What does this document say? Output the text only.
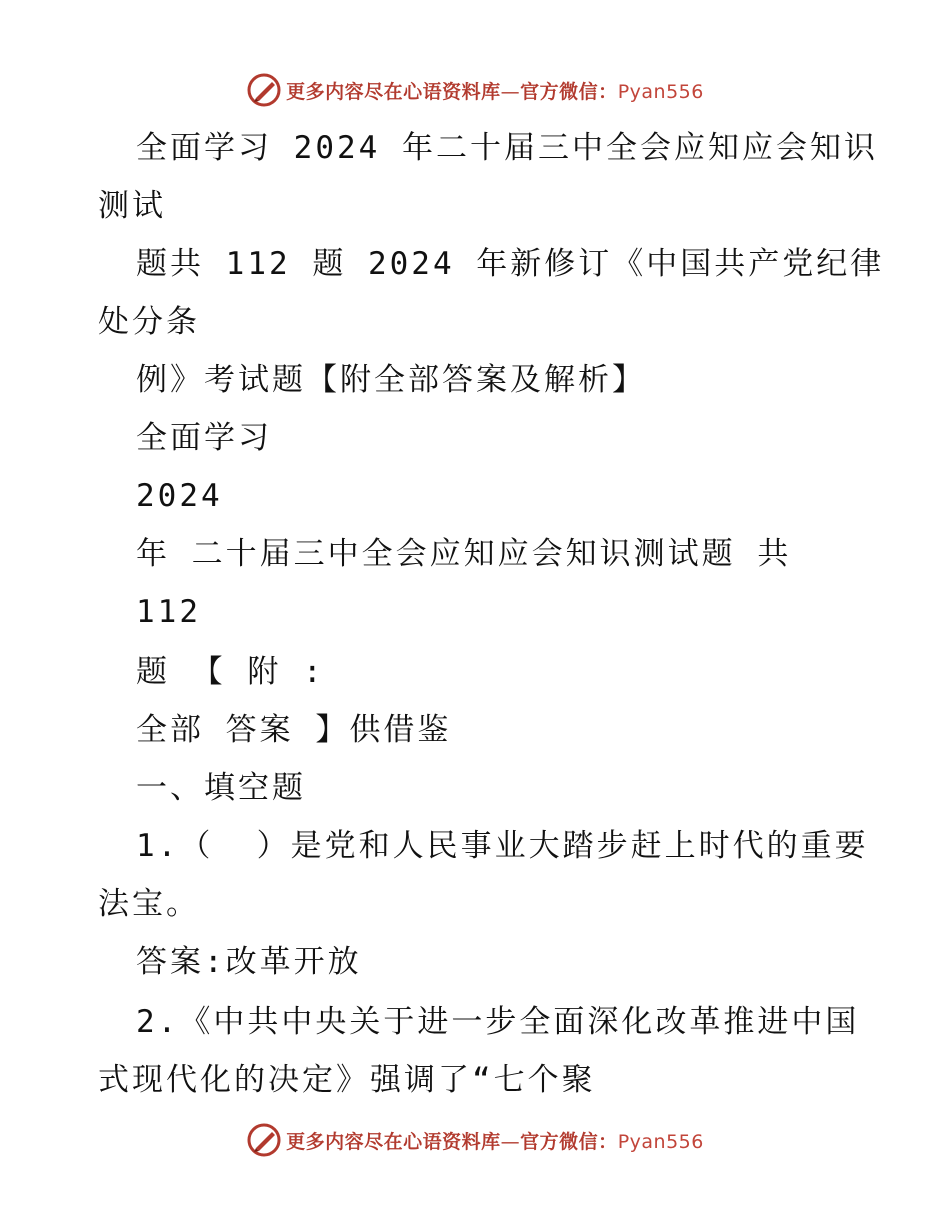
更多内容尽在心语资料库—官方微信：Pyan556
全面学习 2024 年二十届三中全会应知应会知识
测试
题共 112 题 2024 年新修订《中国共产党纪律
处分条
例》考试题【附全部答案及解析】
全面学习
2024
年 二十届三中全会应知应会知识测试题 共
112
题 【 附 :
全部 答案 】供借鉴
一、填空题
1.（  ）是党和人民事业大踏步赶上时代的重要
法宝。
答案:改革开放
2.《中共中央关于进一步全面深化改革推进中国
式现代化的决定》强调了“七个聚
更多内容尽在心语资料库—官方微信：Pyan556
